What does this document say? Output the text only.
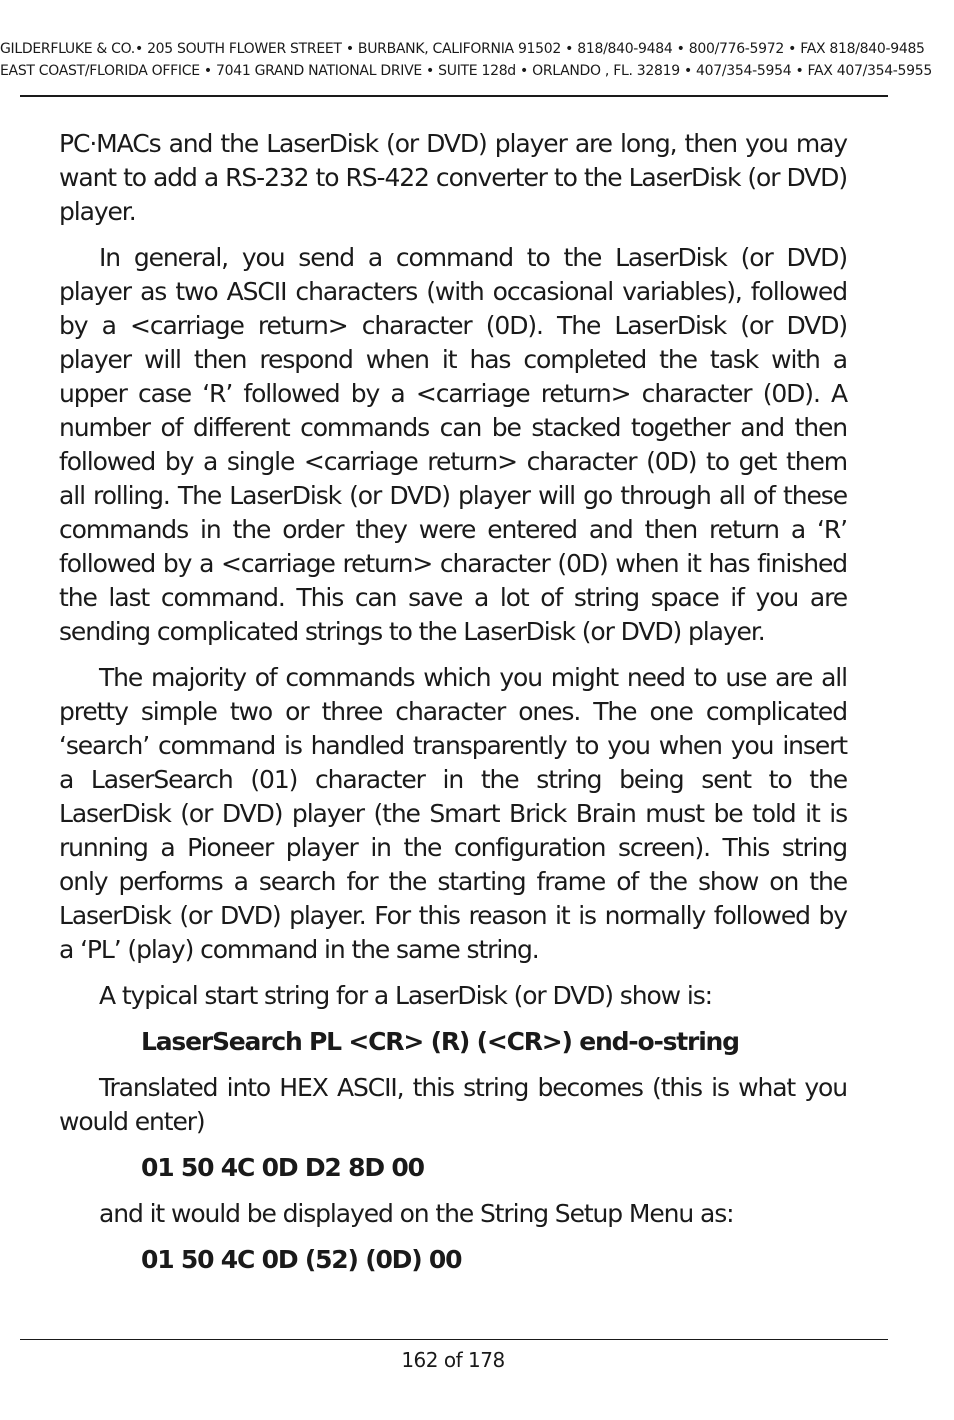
GILDERFLUKE & CO.• 205 SOUTH FLOWER STREET • BURBANK, CALIFORNIA 91502 • 818/840-9484 • 800/776-5972 • FAX 818/840-9485
EAST COAST/FLORIDA OFFICE • 7041 GRAND NATIONAL DRIVE • SUITE 128d • ORLANDO , FL. 32819 • 407/354-5954 • FAX 407/354-5955

PC·MACs and the LaserDisk (or DVD) player are long, then you may want to add a RS-232 to RS-422 converter to the LaserDisk (or DVD) player.

In general, you send a command to the LaserDisk (or DVD) player as two ASCII characters (with occasional variables), followed by a <carriage return> character (0D). The LaserDisk (or DVD) player will then respond when it has completed the task with a upper case ‘R’ followed by a <carriage return> character (0D). A number of different commands can be stacked together and then followed by a single <carriage return> character (0D) to get them all rolling. The LaserDisk (or DVD) player will go through all of these commands in the order they were entered and then return a ‘R’ followed by a <carriage return> character (0D) when it has finished the last command. This can save a lot of string space if you are sending complicated strings to the LaserDisk (or DVD) player.

The majority of commands which you might need to use are all pretty simple two or three character ones. The one complicated ‘search’ command is handled transparently to you when you insert a LaserSearch (01) character in the string being sent to the LaserDisk (or DVD) player (the Smart Brick Brain must be told it is running a Pioneer player in the configuration screen). This string only performs a search for the starting frame of the show on the LaserDisk (or DVD) player. For this reason it is normally followed by a ‘PL’ (play) command in the same string.

A typical start string for a LaserDisk (or DVD) show is:

LaserSearch PL <CR> (R) (<CR>) end-o-string

Translated into HEX ASCII, this string becomes (this is what you would enter)

01 50 4C 0D D2 8D 00

and it would be displayed on the String Setup Menu as:

01 50 4C 0D (52) (0D) 00
162 of 178
